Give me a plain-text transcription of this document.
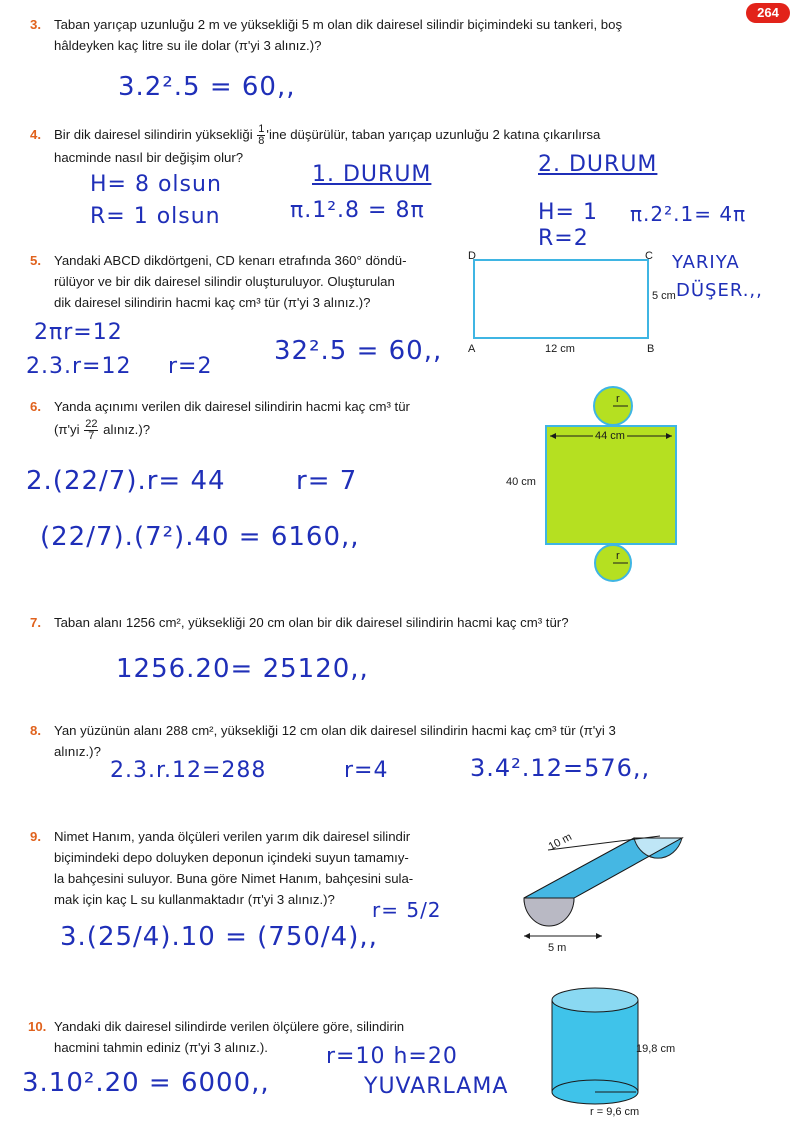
264
3. Taban yarıçap uzunluğu 2 m ve yüksekliği 5 m olan dik dairesel silindir biçimindeki su tankeri, boş
hâldeyken kaç litre su ile dolar (π'yi 3 alınız.)?
3.2².5 = 60,,
4. Bir dik dairesel silindirin yüksekliği $\frac{1}{8}$ 'ine düşürülür, taban yarıçap uzunluğu 2 katına çıkarılırsa
hacminde nasıl bir değişim olur?
H= 8 olsun
R= 1 olsun
1. DURUM
π.1².8 = 8π
2. DURUM
H= 1
R=2
π.2².1= 4π
YARIYA
DÜŞER.,,
5. Yandaki ABCD dikdörtgeni, CD kenarı etrafında 360° döndü-
rülüyor ve bir dik dairesel silindir oluşturuluyor. Oluşturulan
dik dairesel silindirin hacmi kaç cm³ tür (π'yi 3 alınız.)?
2πr=12
2.3.r=12 r=2
32².5 = 60,,
D	C
A	B
5 cm
12 cm
6. Yanda açınımı verilen dik dairesel silindirin hacmi kaç cm³ tür
($\pi'yi \frac{22}{7}$ alınız.)?
2.(22/7).r= 44	r= 7
(22/7).(7²).40 = 6160,,
r
44 cm
40 cm
r
7. Taban alanı 1256 cm², yüksekliği 20 cm olan bir dik dairesel silindirin hacmi kaç cm³ tür?
1256.20= 25120,,
8. Yan yüzünün alanı 288 cm², yüksekliği 12 cm olan dik dairesel silindirin hacmi kaç cm³ tür (π'yi 3
alınız.)?
2.3.r.12=288	r=4	3.4².12=576,,
9. Nimet Hanım, yanda ölçüleri verilen yarım dik dairesel silindir
biçimindeki depo doluyken deponun içindeki suyun tamamıy-
la bahçesini suluyor. Buna göre Nimet Hanım, bahçesini sula-
mak için kaç L su kullanmaktadır (π'yi 3 alınız.)?	r= 5/2
3.(25/4).10 = (750/4),,
10 m
5 m
10. Yandaki dik dairesel silindirde verilen ölçülere göre, silindirin
hacmini tahmin ediniz (π'yi 3 alınız.).	r=10 h=20
3.10².20 = 6000,,	YUVARLAMA
19,8 cm
r = 9,6 cm
